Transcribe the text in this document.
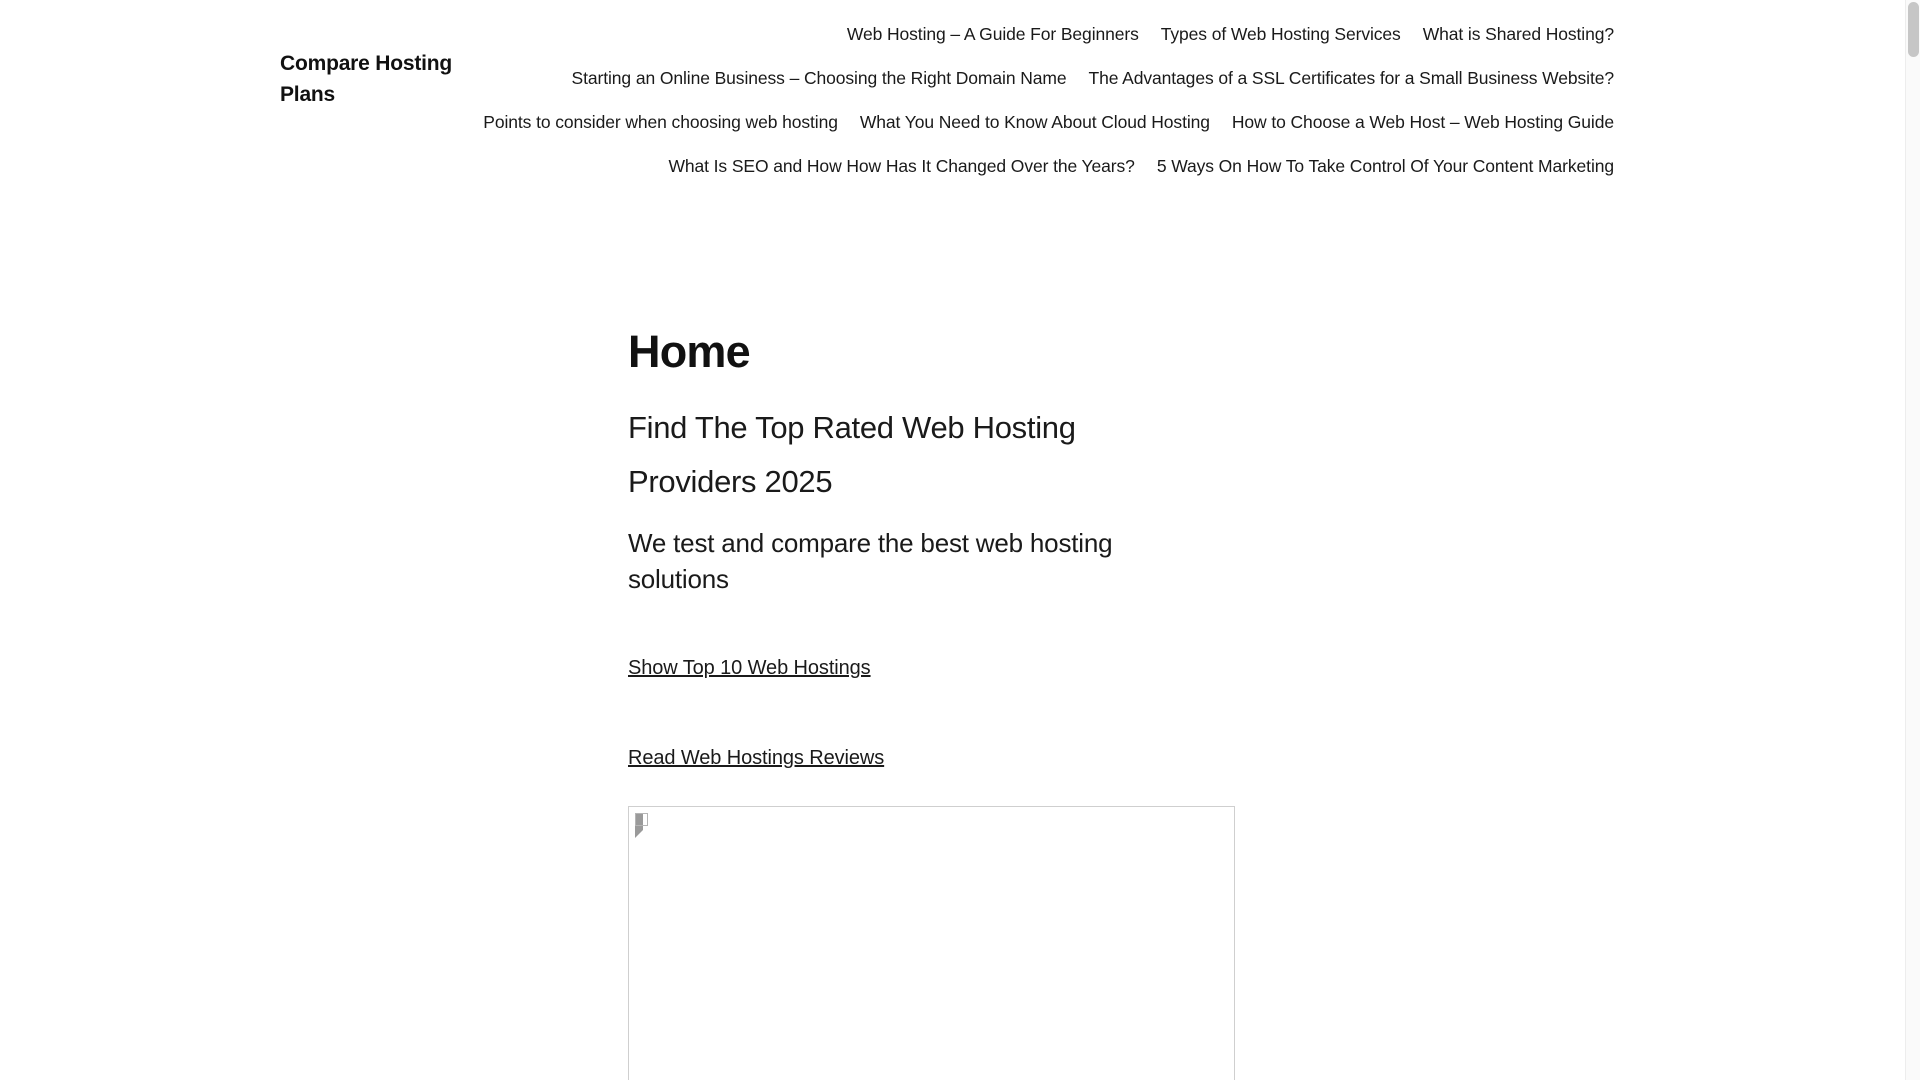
Compare Hosting Plans
Web Hosting – A Guide For Beginners	Types of Web Hosting Services	What is Shared Hosting?
Starting an Online Business – Choosing the Right Domain Name	The Advantages of a SSL Certificates for a Small Business Website?
Points to consider when choosing web hosting	What You Need to Know About Cloud Hosting	How to Choose a Web Host – Web Hosting Guide
What Is SEO and How How Has It Changed Over the Years?	5 Ways On How To Take Control Of Your Content Marketing
Home
Find The Top Rated Web Hosting Providers 2025
We test and compare the best web hosting solutions
Show Top 10 Web Hostings
Read Web Hostings Reviews
